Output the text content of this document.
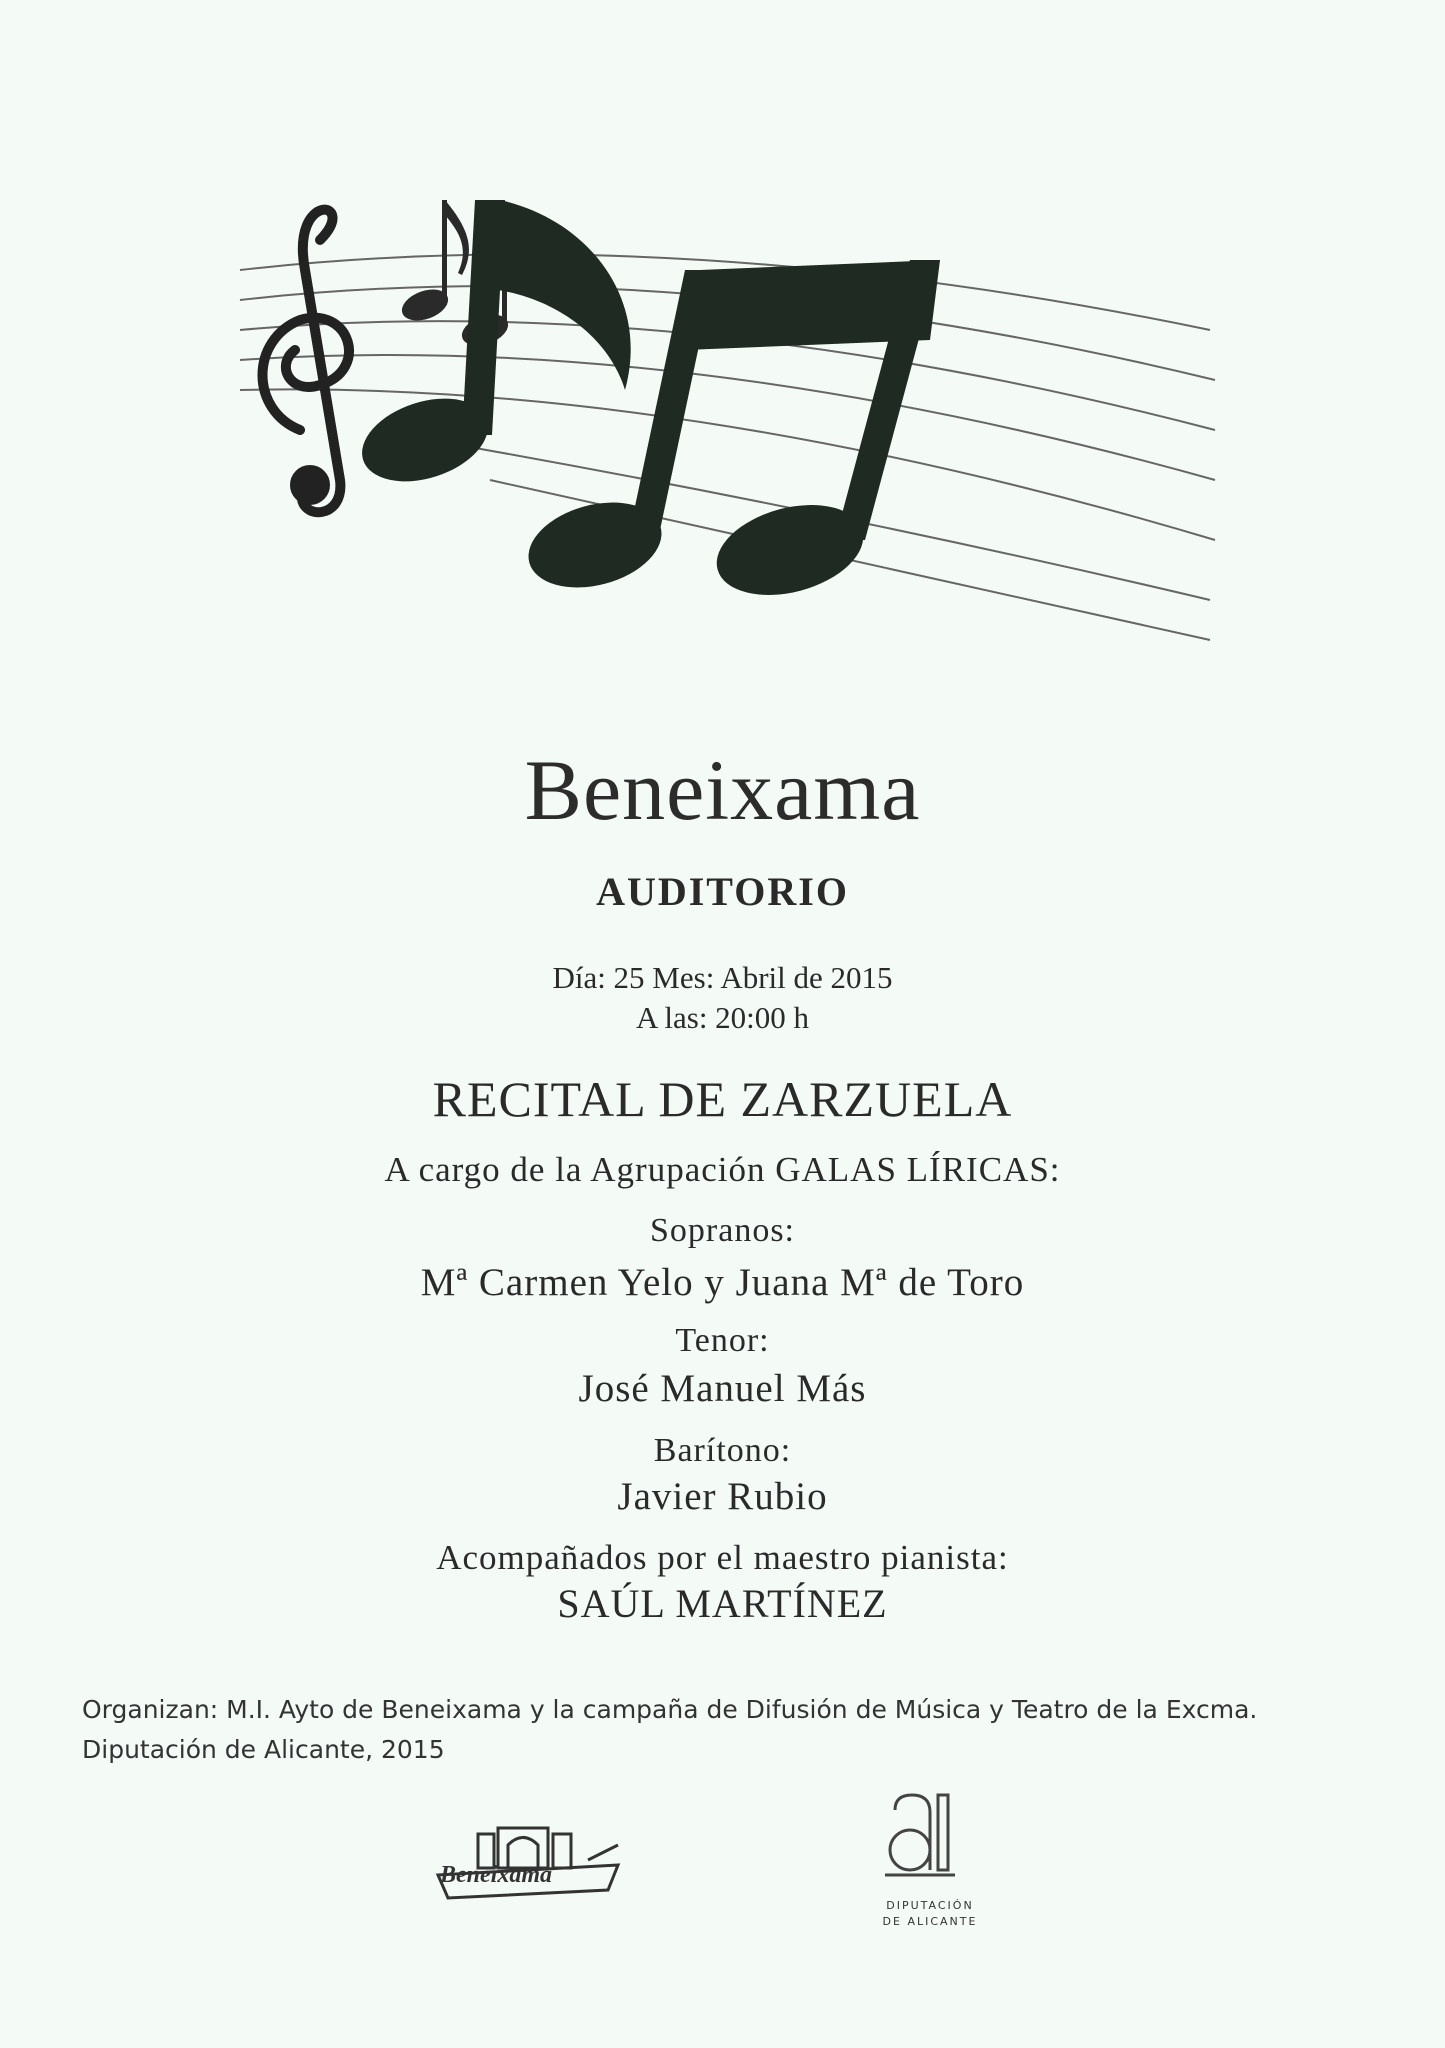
Beneixama
AUDITORIO
Día: 25 Mes: Abril de 2015
A las: 20:00 h
RECITAL DE ZARZUELA
A cargo de la Agrupación GALAS LÍRICAS:
Sopranos:
Mª Carmen Yelo y Juana Mª de Toro
Tenor:
José Manuel Más
Barítono:
Javier Rubio
Acompañados por el maestro pianista:
SAÚL MARTÍNEZ
Organizan: M.I. Ayto de Beneixama y la campaña de Difusión de Música y Teatro de la Excma.
Diputación de Alicante, 2015
Beneixama
DIPUTACIÓN
DE ALICANTE
